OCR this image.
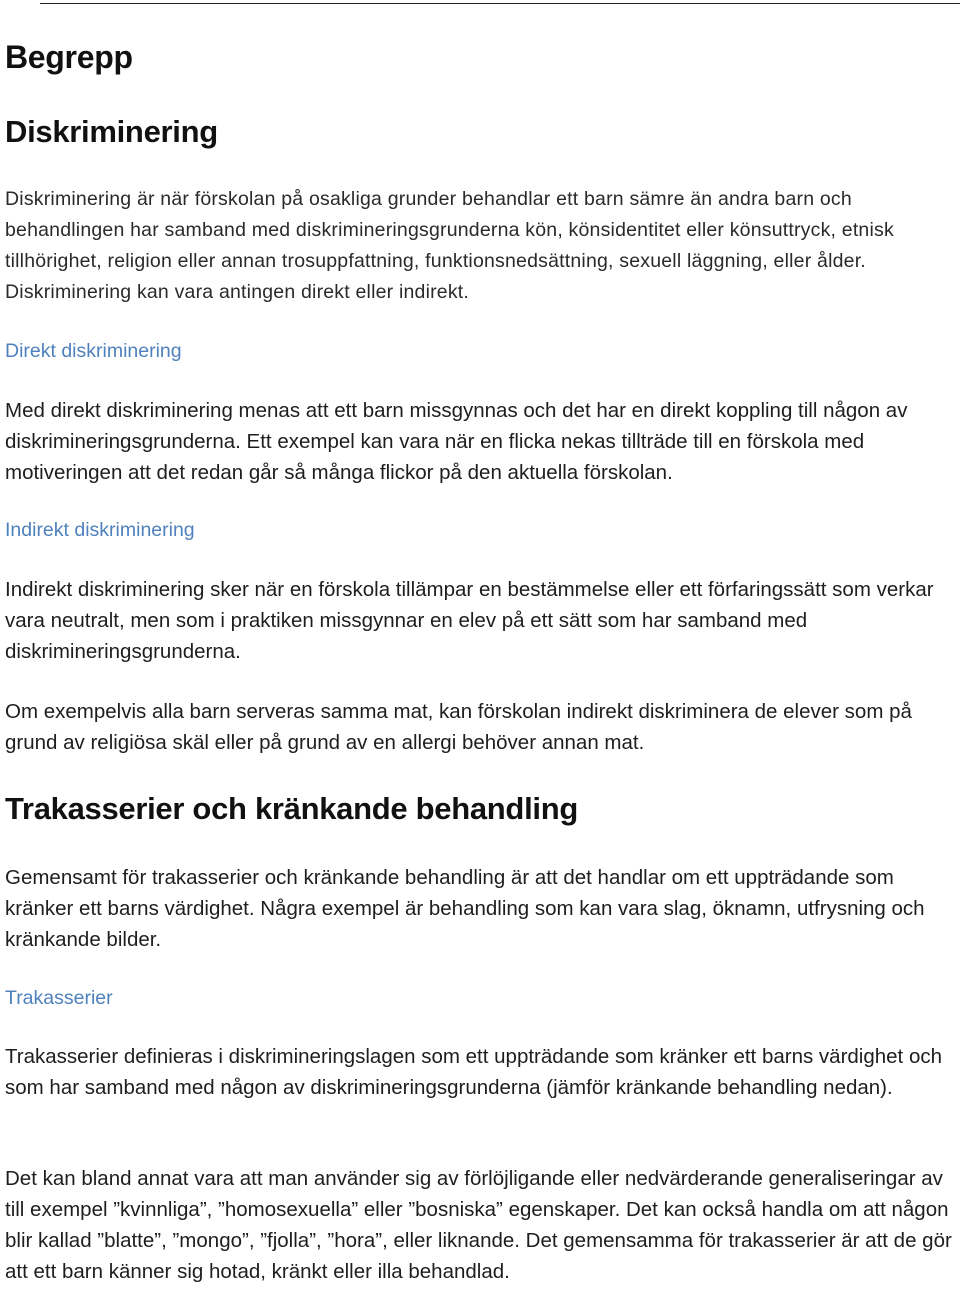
Begrepp
Diskriminering

Diskriminering är när förskolan på osakliga grunder behandlar ett barn sämre än andra barn och behandlingen har samband med diskrimineringsgrunderna kön, könsidentitet eller könsuttryck, etnisk tillhörighet, religion eller annan trosuppfattning, funktionsnedsättning, sexuell läggning, eller ålder. Diskriminering kan vara antingen direkt eller indirekt.

Direkt diskriminering

Med direkt diskriminering menas att ett barn missgynnas och det har en direkt koppling till någon av diskrimineringsgrunderna. Ett exempel kan vara när en flicka nekas tillträde till en förskola med motiveringen att det redan går så många flickor på den aktuella förskolan.

Indirekt diskriminering

Indirekt diskriminering sker när en förskola tillämpar en bestämmelse eller ett förfaringssätt som verkar vara neutralt, men som i praktiken missgynnar en elev på ett sätt som har samband med diskrimineringsgrunderna.

Om exempelvis alla barn serveras samma mat, kan förskolan indirekt diskriminera de elever som på grund av religiösa skäl eller på grund av en allergi behöver annan mat.

Trakasserier och kränkande behandling

Gemensamt för trakasserier och kränkande behandling är att det handlar om ett uppträdande som kränker ett barns värdighet. Några exempel är behandling som kan vara slag, öknamn, utfrysning och kränkande bilder.

Trakasserier

Trakasserier definieras i diskrimineringslagen som ett uppträdande som kränker ett barns värdighet och som har samband med någon av diskrimineringsgrunderna (jämför kränkande behandling nedan).

Det kan bland annat vara att man använder sig av förlöjligande eller nedvärderande generaliseringar av till exempel ”kvinnliga”, ”homosexuella” eller ”bosniska” egenskaper. Det kan också handla om att någon blir kallad ”blatte”, ”mongo”, ”fjolla”, ”hora”, eller liknande. Det gemensamma för trakasserier är att de gör att ett barn känner sig hotad, kränkt eller illa behandlad.
